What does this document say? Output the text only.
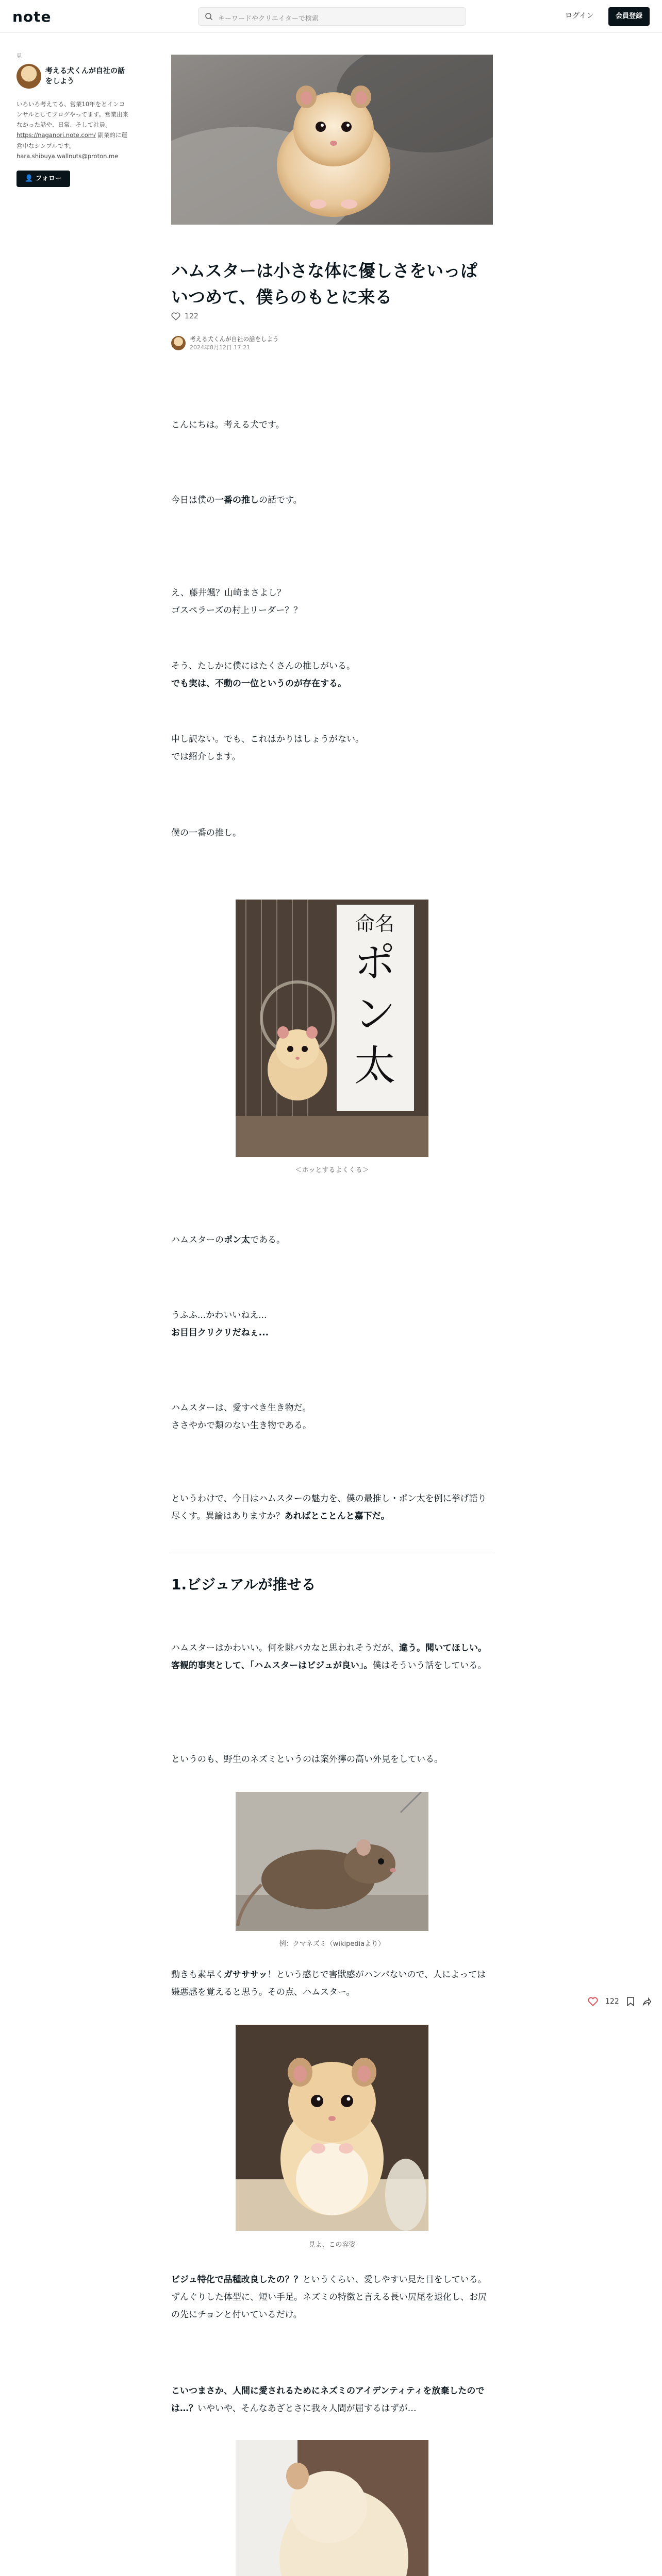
note	キーワードやクリエイターで検索	ログイン	会員登録
見
考える犬くんが自社の話をしよう
いろいろ考えてる、営業10年をとインコンサルとしてブログやってます。営業出来なかった話や、日常、そして社員。
https://naganori.note.com/ 副業的に運営中なシンプルです。
hara.shibuya.wallnuts@proton.me
👤 フォロー
ハムスターは小さな体に優しさをいっぱいつめて、僕らのもとに来る
122
考える犬くんが自社の話をしよう
2024年8月12日 17:21
こんにちは。考える犬です。
今日は僕の一番の推しの話です。
え、藤井颯？山崎まさよし？
ゴスペラーズの村上リーダー？？
そう、たしかに僕にはたくさんの推しがいる。
でも実は、不動の一位というのが存在する。
申し訳ない。でも、これはかりはしょうがない。
では紹介します。
僕の一番の推し。
命名
ポ
ン
太
＜ホッとするよくくる＞
ハムスターのポン太である。
うふふ...かわいいねえ...
お目目クリクリだねぇ...
ハムスターは、愛すべき生き物だ。
ささやかで類のない生き物である。
というわけで、今日はハムスターの魅力を、僕の最推し・ポン太を例に挙げ語り尽くす。異論はありますか？あればとことんと嘉下だ。
1.ビジュアルが推せる
ハムスターはかわいい。何を眺バカなと思われそうだが、違う。聞いてほしい。客観的事実として、「ハムスターはビジュが良い」。僕はそういう話をしている。
というのも、野生のネズミというのは案外獰の高い外見をしている。
例：クマネズミ（wikipediaより）
動きも素早くガサササッ！という感じで害獣感がハンパないので、人によっては嫌悪感を覚えると思う。その点、ハムスター。
見よ、この容姿
ビジュ特化で品種改良したの？？というくらい、愛しやすい見た目をしている。ずんぐりした体型に、短い手足。ネズミの特徴と言える長い尻尾を退化し、お尻の先にチョンと付いているだけ。
こいつまさか、人間に愛されるためにネズミのアイデンティティを放棄したのでは…？いやいや、そんなあざとさに我々人間が屈するはずが…

122
